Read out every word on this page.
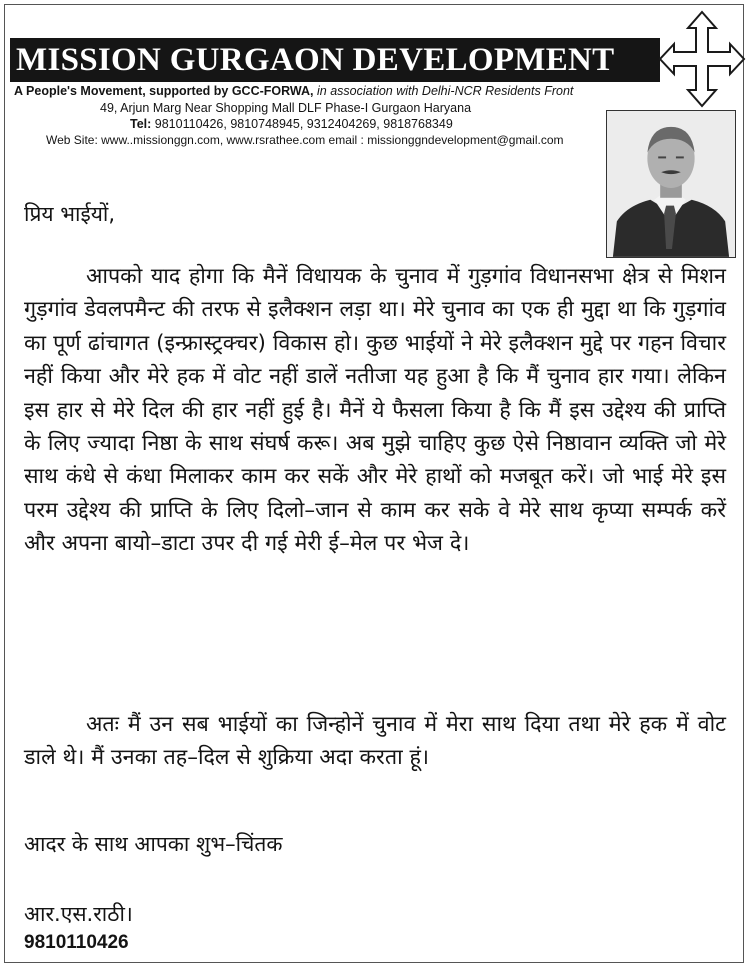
MISSION GURGAON DEVELOPMENT
A People's Movement, supported by GCC-FORWA, in association with Delhi-NCR Residents Front
49, Arjun Marg Near Shopping Mall DLF Phase-I Gurgaon Haryana
Tel: 9810110426, 9810748945, 9312404269, 9818768349
Web Site: www..missionggn.com, www.rsrathee.com email : missionggndevelopment@gmail.com
प्रिय भाईयों,
आपको याद होगा कि मैनें विधायक के चुनाव में गुड़गांव विधानसभा क्षेत्र से मिशन गुड़गांव डेवलपमैन्ट की तरफ से इलैक्शन लड़ा था। मेरे चुनाव का एक ही मुद्दा था कि गुड़गांव का पूर्ण ढांचागत (इन्फ्रास्ट्रक्चर) विकास हो। कुछ भाईयों ने मेरे इलैक्शन मुद्दे पर गहन विचार नहीं किया और मेरे हक में वोट नहीं डालें नतीजा यह हुआ है कि मैं चुनाव हार गया। लेकिन इस हार से मेरे दिल की हार नहीं हुई है। मैनें ये फैसला किया है कि मैं इस उद्देश्य की प्राप्ति के लिए ज्यादा निष्ठा के साथ संघर्ष करू। अब मुझे चाहिए कुछ ऐसे निष्ठावान व्यक्ति जो मेरे साथ कंधे से कंधा मिलाकर काम कर सकें और मेरे हाथों को मजबूत करें। जो भाई मेरे इस परम उद्देश्य की प्राप्ति के लिए दिलो–जान से काम कर सके वे मेरे साथ कृप्या सम्पर्क करें और अपना बायो–डाटा उपर दी गई मेरी ई–मेल पर भेज दे।
अतः मैं उन सब भाईयों का जिन्होनें चुनाव में मेरा साथ दिया तथा मेरे हक में वोट डाले थे। मैं उनका तह–दिल से शुक्रिया अदा करता हूं।
आदर के साथ आपका शुभ–चिंतक
आर.एस.राठी।
9810110426
